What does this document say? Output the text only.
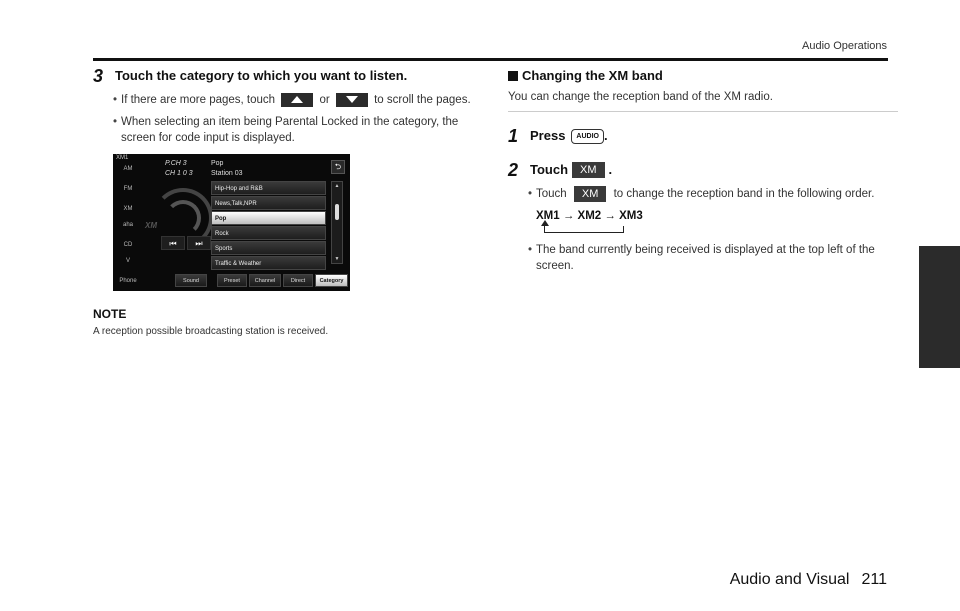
Audio Operations
3 Touch the category to which you want to listen.
• If there are more pages, touch	or	to scroll the pages.
• When selecting an item being Parental Locked in the category, the screen for code input is displayed.
XM1
AM
FM
XM
aha
CD
V
Phone
P.CH 3
CH 1 0 3
Pop
Station 03
XM
⏮	⏭
Hip-Hop and R&B
News,Talk,NPR
Pop
Rock
Sports
Traffic & Weather
⮌
▲
▼
Sound	Preset	Channel	Direct	Category
NOTE
A reception possible broadcasting station is received.
Changing the XM band
You can change the reception band of the XM radio.
1 Press	AUDIO .
2 Touch	XM .
• Touch XM to change the reception band in the following order.
XM1 → XM2 → XM3
• The band currently being received is displayed at the top left of the screen.
Audio and Visual 211
